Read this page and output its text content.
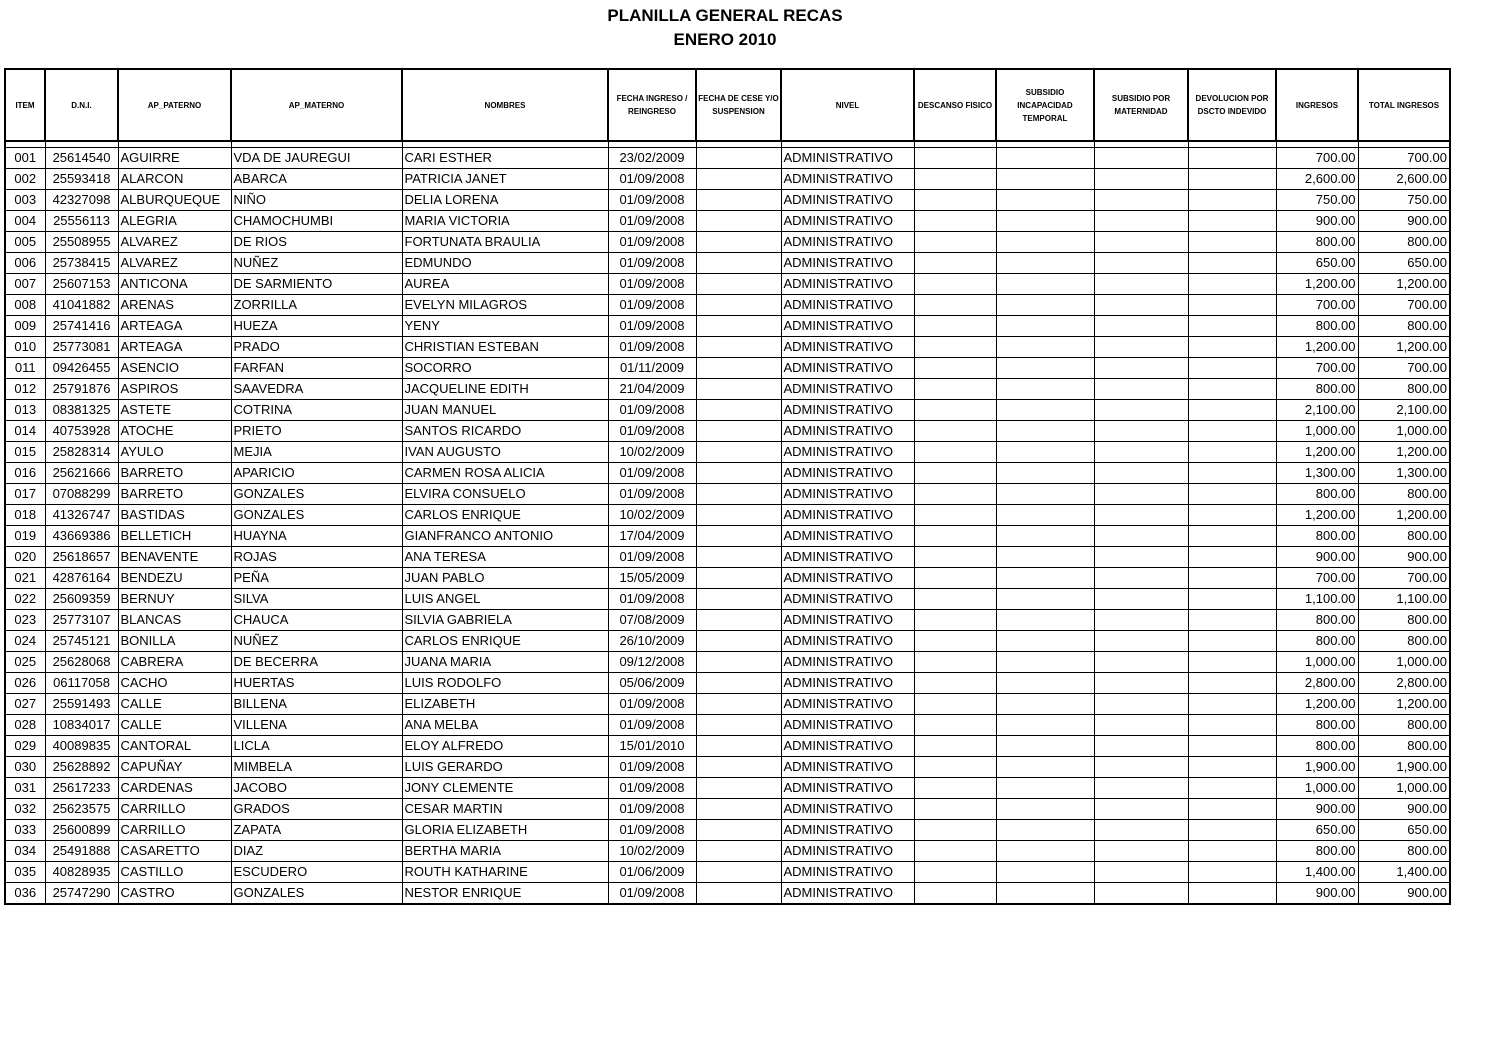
PLANILLA GENERAL RECAS
ENERO 2010
ITEM	D.N.I.	AP_PATERNO	AP_MATERNO	NOMBRES	FECHA INGRESO / REINGRESO	FECHA DE CESE Y/O SUSPENSION	NIVEL	DESCANSO FISICO	SUBSIDIO INCAPACIDAD TEMPORAL	SUBSIDIO POR MATERNIDAD	DEVOLUCION POR DSCTO INDEVIDO	INGRESOS	TOTAL INGRESOS

001	25614540	AGUIRRE	VDA DE JAUREGUI	CARI ESTHER	23/02/2009		ADMINISTRATIVO					700.00	700.00
002	25593418	ALARCON	ABARCA	PATRICIA JANET	01/09/2008		ADMINISTRATIVO					2,600.00	2,600.00
003	42327098	ALBURQUEQUE	NIÑO	DELIA LORENA	01/09/2008		ADMINISTRATIVO					750.00	750.00
004	25556113	ALEGRIA	CHAMOCHUMBI	MARIA VICTORIA	01/09/2008		ADMINISTRATIVO					900.00	900.00
005	25508955	ALVAREZ	DE RIOS	FORTUNATA BRAULIA	01/09/2008		ADMINISTRATIVO					800.00	800.00
006	25738415	ALVAREZ	NUÑEZ	EDMUNDO	01/09/2008		ADMINISTRATIVO					650.00	650.00
007	25607153	ANTICONA	DE SARMIENTO	AUREA	01/09/2008		ADMINISTRATIVO					1,200.00	1,200.00
008	41041882	ARENAS	ZORRILLA	EVELYN MILAGROS	01/09/2008		ADMINISTRATIVO					700.00	700.00
009	25741416	ARTEAGA	HUEZA	YENY	01/09/2008		ADMINISTRATIVO					800.00	800.00
010	25773081	ARTEAGA	PRADO	CHRISTIAN ESTEBAN	01/09/2008		ADMINISTRATIVO					1,200.00	1,200.00
011	09426455	ASENCIO	FARFAN	SOCORRO	01/11/2009		ADMINISTRATIVO					700.00	700.00
012	25791876	ASPIROS	SAAVEDRA	JACQUELINE EDITH	21/04/2009		ADMINISTRATIVO					800.00	800.00
013	08381325	ASTETE	COTRINA	JUAN MANUEL	01/09/2008		ADMINISTRATIVO					2,100.00	2,100.00
014	40753928	ATOCHE	PRIETO	SANTOS RICARDO	01/09/2008		ADMINISTRATIVO					1,000.00	1,000.00
015	25828314	AYULO	MEJIA	IVAN AUGUSTO	10/02/2009		ADMINISTRATIVO					1,200.00	1,200.00
016	25621666	BARRETO	APARICIO	CARMEN ROSA ALICIA	01/09/2008		ADMINISTRATIVO					1,300.00	1,300.00
017	07088299	BARRETO	GONZALES	ELVIRA CONSUELO	01/09/2008		ADMINISTRATIVO					800.00	800.00
018	41326747	BASTIDAS	GONZALES	CARLOS ENRIQUE	10/02/2009		ADMINISTRATIVO					1,200.00	1,200.00
019	43669386	BELLETICH	HUAYNA	GIANFRANCO ANTONIO	17/04/2009		ADMINISTRATIVO					800.00	800.00
020	25618657	BENAVENTE	ROJAS	ANA TERESA	01/09/2008		ADMINISTRATIVO					900.00	900.00
021	42876164	BENDEZU	PEÑA	JUAN PABLO	15/05/2009		ADMINISTRATIVO					700.00	700.00
022	25609359	BERNUY	SILVA	LUIS ANGEL	01/09/2008		ADMINISTRATIVO					1,100.00	1,100.00
023	25773107	BLANCAS	CHAUCA	SILVIA GABRIELA	07/08/2009		ADMINISTRATIVO					800.00	800.00
024	25745121	BONILLA	NUÑEZ	CARLOS ENRIQUE	26/10/2009		ADMINISTRATIVO					800.00	800.00
025	25628068	CABRERA	DE BECERRA	JUANA MARIA	09/12/2008		ADMINISTRATIVO					1,000.00	1,000.00
026	06117058	CACHO	HUERTAS	LUIS RODOLFO	05/06/2009		ADMINISTRATIVO					2,800.00	2,800.00
027	25591493	CALLE	BILLENA	ELIZABETH	01/09/2008		ADMINISTRATIVO					1,200.00	1,200.00
028	10834017	CALLE	VILLENA	ANA MELBA	01/09/2008		ADMINISTRATIVO					800.00	800.00
029	40089835	CANTORAL	LICLA	ELOY ALFREDO	15/01/2010		ADMINISTRATIVO					800.00	800.00
030	25628892	CAPUÑAY	MIMBELA	LUIS GERARDO	01/09/2008		ADMINISTRATIVO					1,900.00	1,900.00
031	25617233	CARDENAS	JACOBO	JONY CLEMENTE	01/09/2008		ADMINISTRATIVO					1,000.00	1,000.00
032	25623575	CARRILLO	GRADOS	CESAR MARTIN	01/09/2008		ADMINISTRATIVO					900.00	900.00
033	25600899	CARRILLO	ZAPATA	GLORIA ELIZABETH	01/09/2008		ADMINISTRATIVO					650.00	650.00
034	25491888	CASARETTO	DIAZ	BERTHA MARIA	10/02/2009		ADMINISTRATIVO					800.00	800.00
035	40828935	CASTILLO	ESCUDERO	ROUTH KATHARINE	01/06/2009		ADMINISTRATIVO					1,400.00	1,400.00
036	25747290	CASTRO	GONZALES	NESTOR ENRIQUE	01/09/2008		ADMINISTRATIVO					900.00	900.00
